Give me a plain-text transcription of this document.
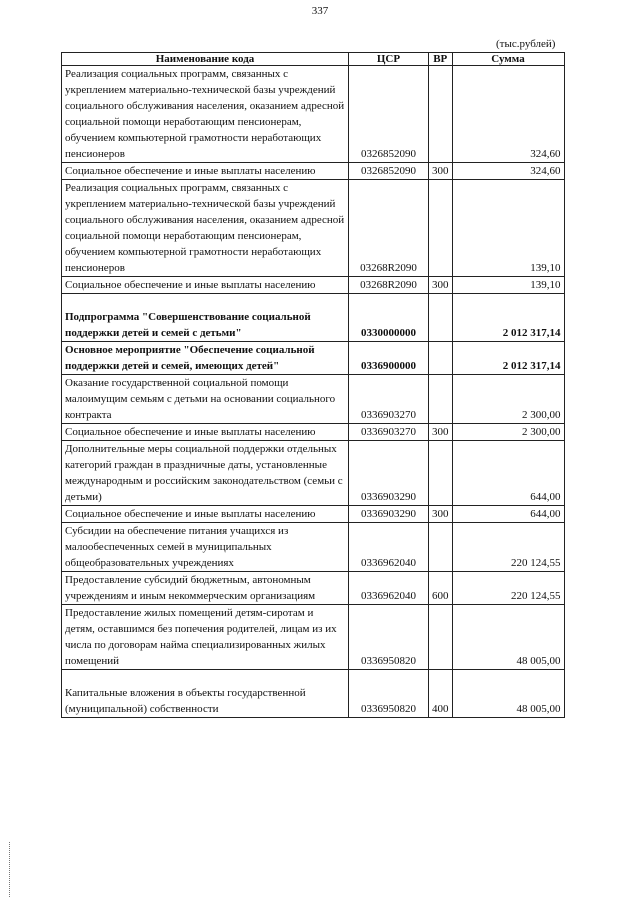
337
(тыс.рублей)
Наименование кода	ЦСР	ВР	Сумма
Реализация социальных программ, связанных с укреплением материально-технической базы учреждений социального обслуживания населения, оказанием адресной социальной помощи неработающим пенсионерам, обучением компьютерной грамотности неработающих пенсионеров	0326852090		324,60
Социальное обеспечение и иные выплаты населению	0326852090	300	324,60
Реализация социальных программ, связанных с укреплением материально-технической базы учреждений социального обслуживания населения, оказанием адресной социальной помощи неработающим пенсионерам, обучением компьютерной грамотности неработающих пенсионеров	03268R2090		139,10
Социальное обеспечение и иные выплаты населению	03268R2090	300	139,10
Подпрограмма "Совершенствование социальной поддержки детей и семей с детьми"	0330000000		2 012 317,14
Основное мероприятие "Обеспечение социальной поддержки детей и семей, имеющих детей"	0336900000		2 012 317,14
Оказание государственной социальной помощи малоимущим семьям с детьми на основании социального контракта	0336903270		2 300,00
Социальное обеспечение и иные выплаты населению	0336903270	300	2 300,00
Дополнительные меры социальной поддержки отдельных категорий граждан в праздничные даты, установленные международным и российским законодательством (семьи с детьми)	0336903290		644,00
Социальное обеспечение и иные выплаты населению	0336903290	300	644,00
Субсидии на обеспечение питания учащихся из малообеспеченных семей в муниципальных общеобразовательных учреждениях	0336962040		220 124,55
Предоставление субсидий бюджетным, автономным учреждениям и иным некоммерческим организациям	0336962040	600	220 124,55
Предоставление жилых помещений детям-сиротам и детям, оставшимся без попечения родителей, лицам из их числа по договорам найма специализированных жилых помещений	0336950820		48 005,00
Капитальные вложения в объекты государственной (муниципальной) собственности	0336950820	400	48 005,00
